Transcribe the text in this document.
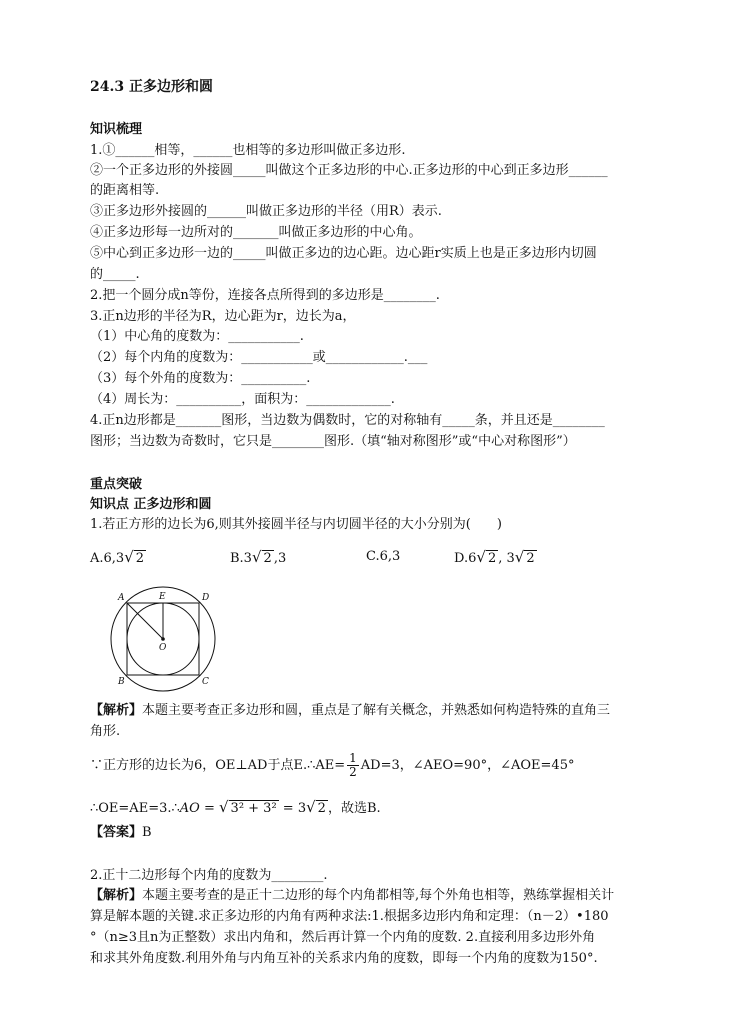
24.3 正多边形和圆
知识梳理
1.①______相等，______也相等的多边形叫做正多边形.
②一个正多边形的外接圆_____叫做这个正多边形的中心.正多边形的中心到正多边形______
的距离相等.
③正多边形外接圆的______叫做正多边形的半径（用R）表示.
④正多边形每一边所对的_______叫做正多边形的中心角。
⑤中心到正多边形一边的_____叫做正多边的边心距。边心距r实质上也是正多边形内切圆
的_____.
2.把一个圆分成n等份，连接各点所得到的多边形是________.
3.正n边形的半径为R，边心距为r，边长为a，
（1）中心角的度数为：___________.
（2）每个内角的度数为：___________或____________.___
（3）每个外角的度数为：__________.
（4）周长为：__________，面积为：_____________.
4.正n边形都是_______图形，当边数为偶数时，它的对称轴有_____条，并且还是________
图形；当边数为奇数时，它只是________图形.（填“轴对称图形”或“中心对称图形”）
重点突破
知识点 正多边形和圆
1.若正方形的边长为6,则其外接圆半径与内切圆半径的大小分别为(　　)
A.6,3√ 2	B.3√ 2 ,3	C.6,3	D.6√ 2 , 3√ 2
A	E	D
O
B	C
【解析】本题主要考查正多边形和圆，重点是了解有关概念，并熟悉如何构造特殊的直角三
角形.
∵正方形的边长为6，OE⊥AD于点E.∴AE= $\frac{1}{2} AD=3$，∠AEO=90°，∠AOE=45°
∴OE=AE=3.∴AO = √ 3² + 3² = 3√ 2 ，故选B.
【答案】B
2.正十二边形每个内角的度数为________.
【解析】本题主要考查的是正十二边形的每个内角都相等,每个外角也相等，熟练掌握相关计
算是解本题的关键.求正多边形的内角有两种求法:1.根据多边形内角和定理：（n－2）•180
°（n≥3且n为正整数）求出内角和，然后再计算一个内角的度数. 2.直接利用多边形外角
和求其外角度数.利用外角与内角互补的关系求内角的度数，即每一个内角的度数为150°.
